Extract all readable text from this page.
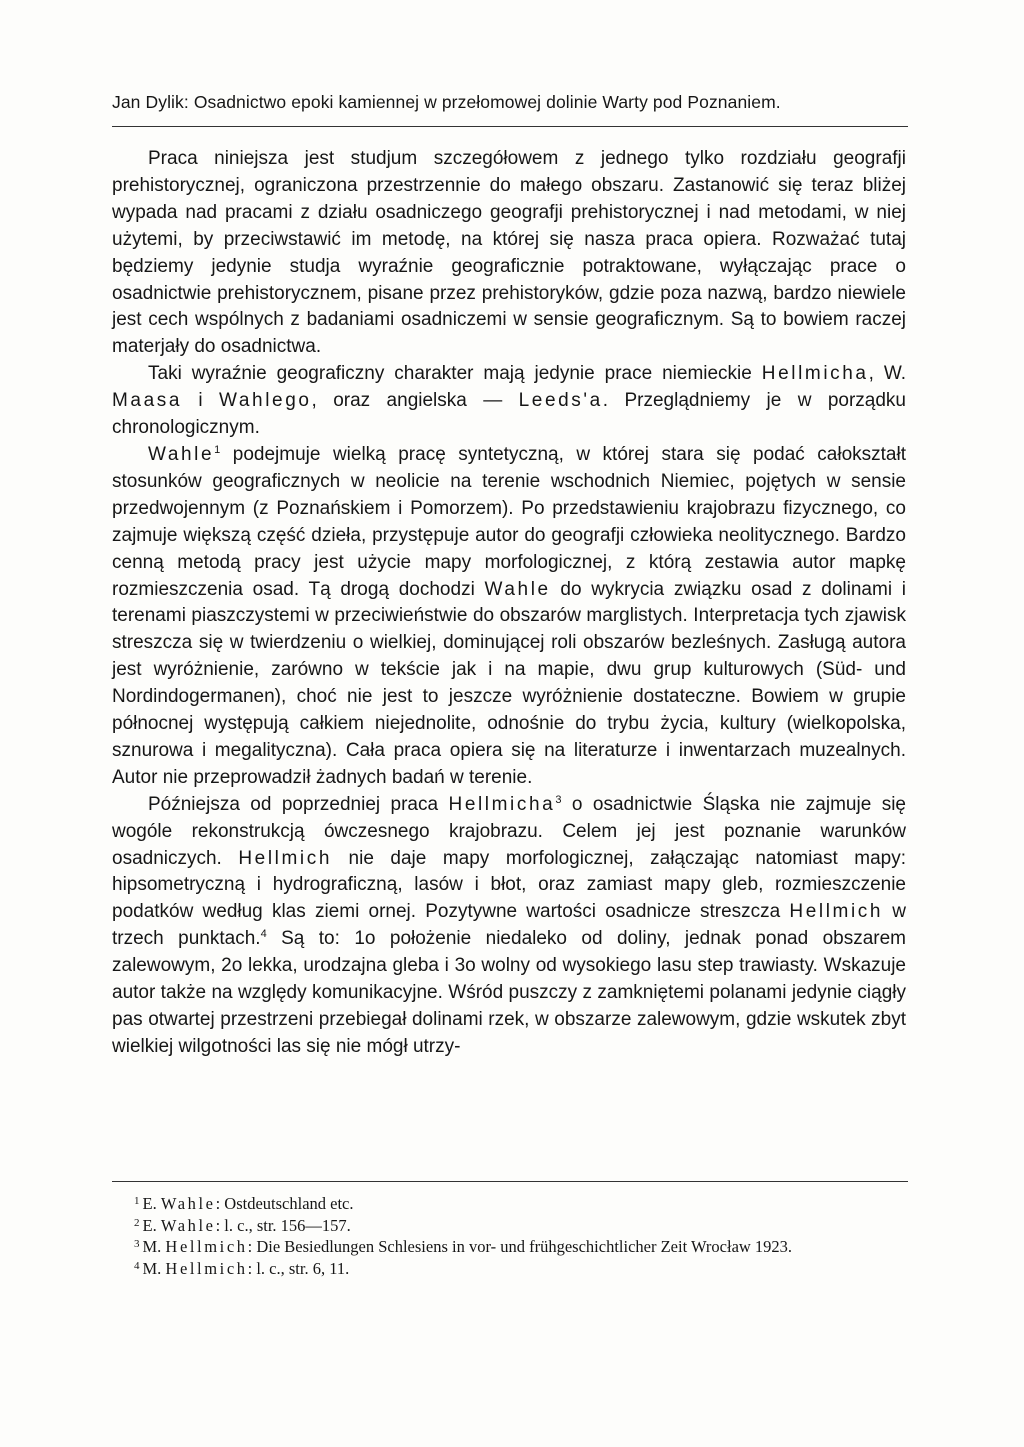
Jan Dylik: Osadnictwo epoki kamiennej w przełomowej dolinie Warty pod Poznaniem.

Praca niniejsza jest studjum szczegółowem z jednego tylko rozdziału geografji prehistorycznej, ograniczona przestrzennie do małego obszaru. Zastanowić się teraz bliżej wypada nad pracami z działu osadniczego geografji prehistorycznej i nad metodami, w niej użytemi, by przeciwstawić im metodę, na której się nasza praca opiera. Rozważać tutaj będziemy jedynie studja wyraźnie geograficznie potraktowane, wyłączając prace o osadnictwie prehistorycznem, pisane przez prehistoryków, gdzie poza nazwą, bardzo niewiele jest cech wspólnych z badaniami osadniczemi w sensie geograficznym. Są to bowiem raczej materjały do osadnictwa.

Taki wyraźnie geograficzny charakter mają jedynie prace niemieckie Hellmicha, W. Maasa i Wahlego, oraz angielska — Leeds'a. Przeglądniemy je w porządku chronologicznym.

Wahle$^1$ podejmuje wielką pracę syntetyczną, w której stara się podać całokształt stosunków geograficznych w neolicie na terenie wschodnich Niemiec, pojętych w sensie przedwojennym (z Poznańskiem i Pomorzem). Po przedstawieniu krajobrazu fizycznego, co zajmuje większą część dzieła, przystępuje autor do geografji człowieka neolitycznego. Bardzo cenną metodą pracy jest użycie mapy morfologicznej, z którą zestawia autor mapkę rozmieszczenia osad. Tą drogą dochodzi Wahle do wykrycia związku osad z dolinami i terenami piaszczystemi w przeciwieństwie do obszarów marglistych. Interpretacja tych zjawisk streszcza się w twierdzeniu o wielkiej, dominującej roli obszarów bezleśnych. Zasługą autora jest wyróżnienie, zarówno w tekście jak i na mapie, dwu grup kulturowych (Süd- und Nordindogermanen), choć nie jest to jeszcze wyróżnienie dostateczne. Bowiem w grupie północnej występują całkiem niejednolite, odnośnie do trybu życia, kultury (wielkopolska, sznurowa i megalityczna). Cała praca opiera się na literaturze i inwentarzach muzealnych. Autor nie przeprowadził żadnych badań w terenie.

Późniejsza od poprzedniej praca Hellmicha$^3$ o osadnictwie Śląska nie zajmuje się wogóle rekonstrukcją ówczesnego krajobrazu. Celem jej jest poznanie warunków osadniczych. Hellmich nie daje mapy morfologicznej, załączając natomiast mapy: hipsometryczną i hydrograficzną, lasów i błot, oraz zamiast mapy gleb, rozmieszczenie podatków według klas ziemi ornej. Pozytywne wartości osadnicze streszcza Hellmich w trzech punktach.$^4$ Są to: 1o położenie niedaleko od doliny, jednak ponad obszarem zalewowym, 2o lekka, urodzajna gleba i 3o wolny od wysokiego lasu step trawiasty. Wskazuje autor także na względy komunikacyjne. Wśród puszczy z zamkniętemi polanami jedynie ciągły pas otwartej przestrzeni przebiegał dolinami rzek, w obszarze zalewowym, gdzie wskutek zbyt wielkiej wilgotności las się nie mógł utrzy-

$^1$ E. Wahle: Ostdeutschland etc.
$^2$ E. Wahle: l. c., str. 156—157.
$^3$ M. Hellmich: Die Besiedlungen Schlesiens in vor- und frühgeschichtlicher Zeit Wrocław 1923.
$^4$ M. Hellmich: l. c., str. 6, 11.
